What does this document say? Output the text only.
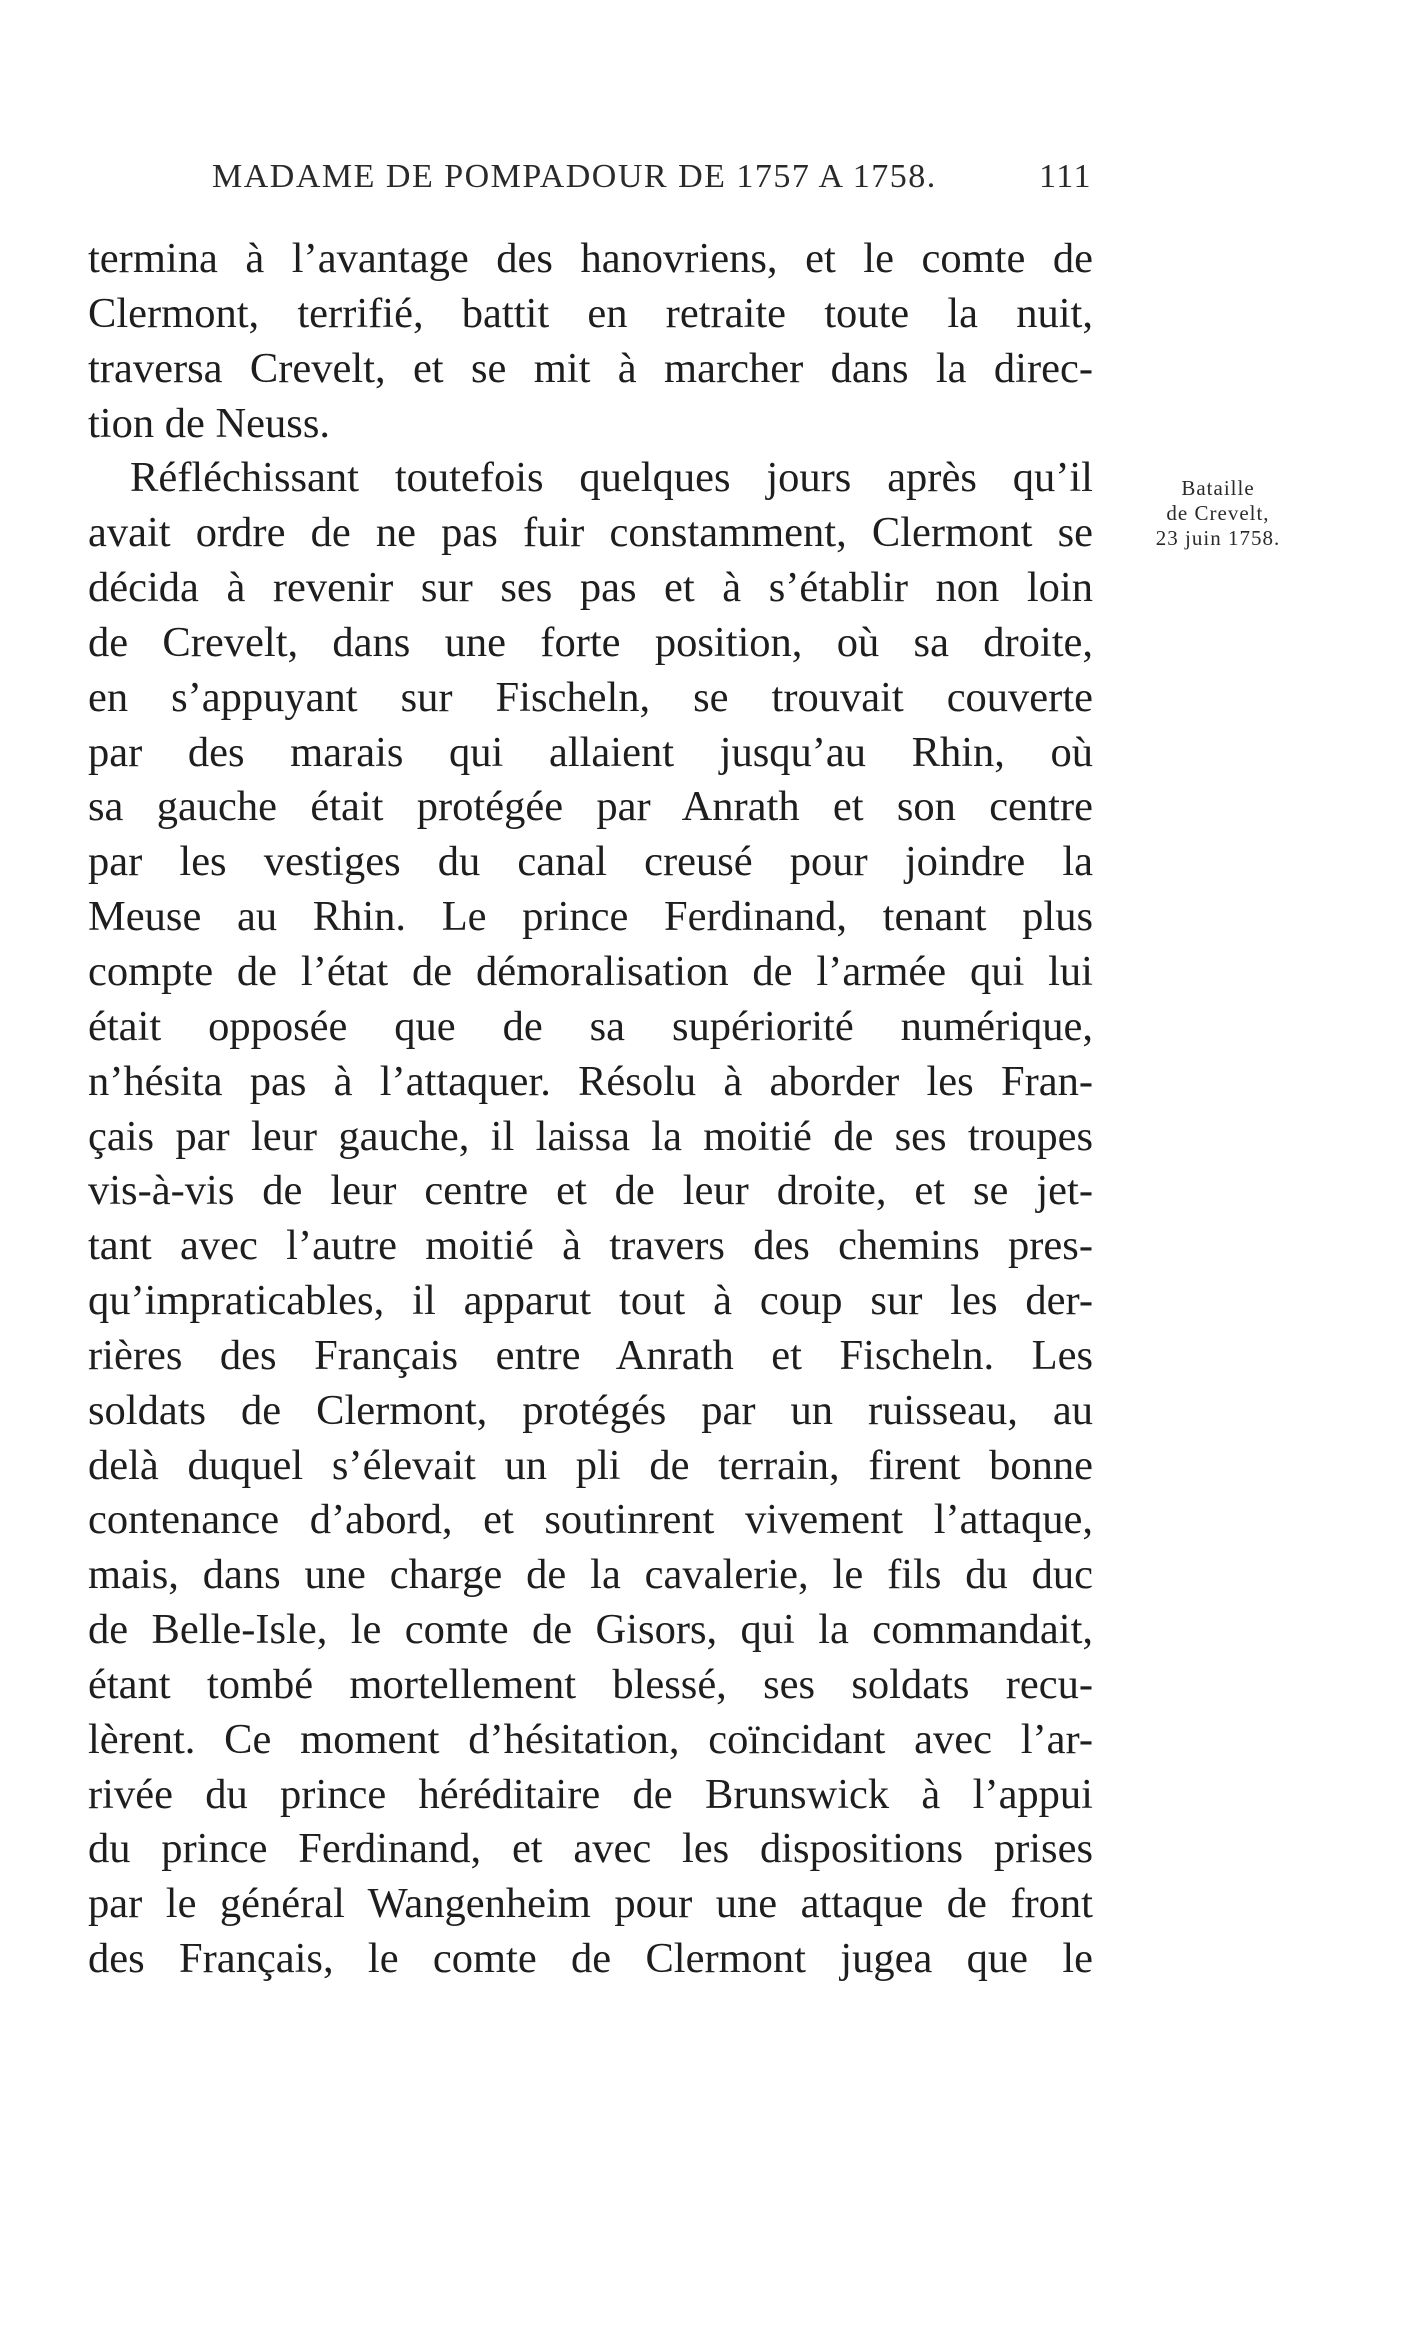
MADAME DE POMPADOUR DE 1757 A 1758.	111
termina à l’avantage des hanovriens, et le comte de
Clermont, terrifié, battit en retraite toute la nuit,
traversa Crevelt, et se mit à marcher dans la direc-
tion de Neuss.
Réfléchissant toutefois quelques jours après qu’il
avait ordre de ne pas fuir constamment, Clermont se
décida à revenir sur ses pas et à s’établir non loin
de Crevelt, dans une forte position, où sa droite,
en s’appuyant sur Fischeln, se trouvait couverte
par des marais qui allaient jusqu’au Rhin, où
sa gauche était protégée par Anrath et son centre
par les vestiges du canal creusé pour joindre la
Meuse au Rhin. Le prince Ferdinand, tenant plus
compte de l’état de démoralisation de l’armée qui lui
était opposée que de sa supériorité numérique,
n’hésita pas à l’attaquer. Résolu à aborder les Fran-
çais par leur gauche, il laissa la moitié de ses troupes
vis-à-vis de leur centre et de leur droite, et se jet-
tant avec l’autre moitié à travers des chemins pres-
qu’impraticables, il apparut tout à coup sur les der-
rières des Français entre Anrath et Fischeln. Les
soldats de Clermont, protégés par un ruisseau, au
delà duquel s’élevait un pli de terrain, firent bonne
contenance d’abord, et soutinrent vivement l’attaque,
mais, dans une charge de la cavalerie, le fils du duc
de Belle-Isle, le comte de Gisors, qui la commandait,
étant tombé mortellement blessé, ses soldats recu-
lèrent. Ce moment d’hésitation, coïncidant avec l’ar-
rivée du prince héréditaire de Brunswick à l’appui
du prince Ferdinand, et avec les dispositions prises
par le général Wangenheim pour une attaque de front
des Français, le comte de Clermont jugea que le
Bataille
de Crevelt,
23 juin 1758.
